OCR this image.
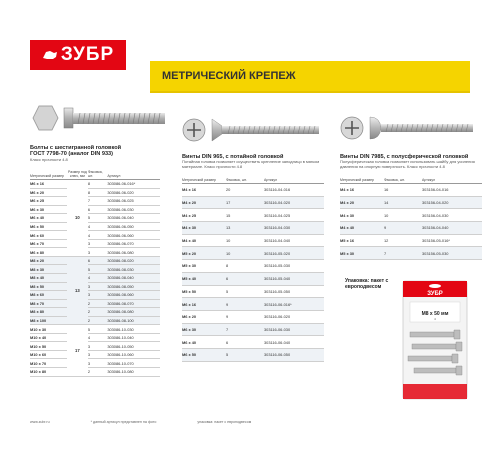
ЗУБР
МЕТРИЧЕСКИЙ КРЕПЕЖ
Болты с шестигранной головкой
ГОСТ 7798-70 (аналог DIN 933)
Класс прочности 4.8
Метрический размер	Размер под ключ, мм	Фасовка, шт.	Артикул
M6 x 16	10	8	303086-06-016*
M6 x 20		8	303086-06-020
M6 x 25		7	303086-06-025
M6 x 30		6	303086-06-030
M6 x 40		5	303086-06-040
M6 x 50		4	303086-06-050
M6 x 60		4	303086-06-060
M6 x 70		3	303086-06-070
M6 x 80		3	303086-06-080
M8 x 20	13	6	303086-08-020
M8 x 30		5	303086-08-030
M8 x 40		4	303086-08-040
M8 x 50		3	303086-08-050
M8 x 60		3	303086-08-060
M8 x 70		2	303086-08-070
M8 x 80		2	303086-08-080
M8 x 100		2	303086-08-100
M10 x 30	17	5	303086-10-030
M10 x 40		4	303086-10-040
M10 x 50		3	303086-10-050
M10 x 60		3	303086-10-060
M10 x 70		3	303086-10-070
M10 x 80		2	303086-10-080
Винты DIN 965, с потайной головкой
Потайная головка позволяет осуществить крепление заподлицо в мягком материале. Класс прочности 4.8
Метрический размер	Фасовка, шт.	Артикул
M4 x 16	20	303116-04-016
M4 x 20	17	303116-04-020
M4 x 25	15	303116-04-025
M4 x 30	13	303116-04-030
M4 x 40	10	303116-04-040
M5 x 20	10	303116-05-020
M5 x 30	8	303116-05-030
M5 x 40	6	303116-05-040
M5 x 50	5	303116-05-050
M6 x 16	9	303116-06-016*
M6 x 20	9	303116-06-020
M6 x 30	7	303116-06-030
M6 x 40	6	303116-06-040
M6 x 50	5	303116-06-050
Винты DIN 7985, с полусферической головкой
Полусферическая головка позволяет использовать шайбу для усиления давления на опорную поверхность. Класс прочности 4.8
Метрический размер	Фасовка, шт.	Артикул
M4 x 16	16	303156-04-016
M4 x 20	14	303156-04-020
M4 x 30	10	303156-04-030
M4 x 40	9	303156-04-040
M5 x 16	12	303156-05-016*
M5 x 30	7	303156-05-030
Упаковка: пакет с европодвесом
ЗУБР
M8 x 50 мм
4
www.zubr.ru	* данный артикул представлен на фото	упаковка: пакет с европодвесом
